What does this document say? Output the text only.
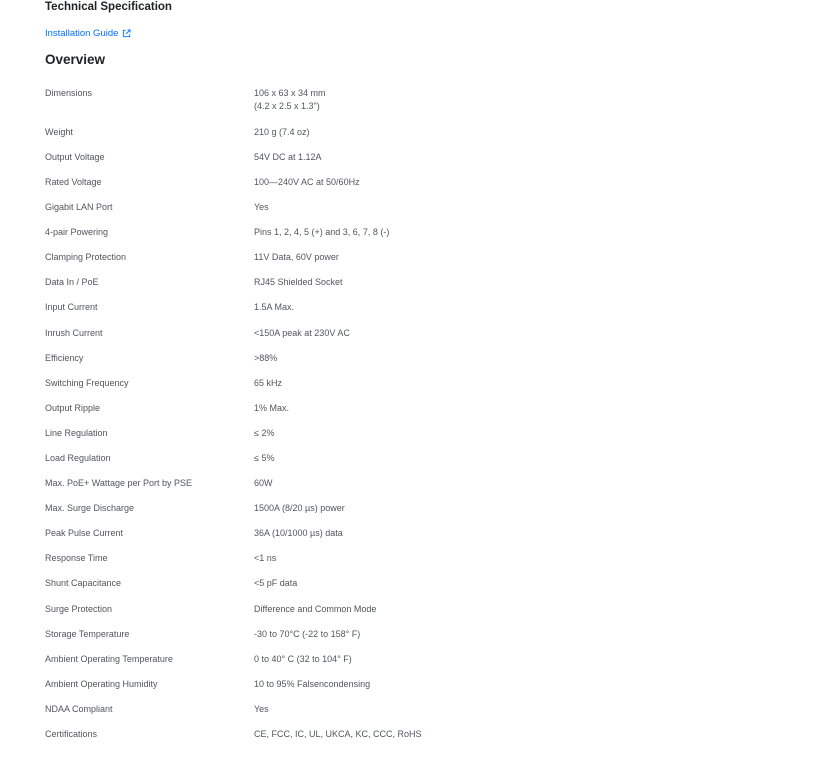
Technical Specification
Installation Guide
Overview
Dimensions	106 x 63 x 34 mm
(4.2 x 2.5 x 1.3")
Weight	210 g (7.4 oz)
Output Voltage	54V DC at 1.12A
Rated Voltage	100—240V AC at 50/60Hz
Gigabit LAN Port	Yes
4-pair Powering	Pins 1, 2, 4, 5 (+) and 3, 6, 7, 8 (-)
Clamping Protection	11V Data, 60V power
Data In / PoE	RJ45 Shielded Socket
Input Current	1.5A Max.
Inrush Current	<150A peak at 230V AC
Efficiency	>88%
Switching Frequency	65 kHz
Output Ripple	1% Max.
Line Regulation	≤ 2%
Load Regulation	≤ 5%
Max. PoE+ Wattage per Port by PSE	60W
Max. Surge Discharge	1500A (8/20 µs) power
Peak Pulse Current	36A (10/1000 µs) data
Response Time	<1 ns
Shunt Capacitance	<5 pF data
Surge Protection	Difference and Common Mode
Storage Temperature	-30 to 70°C (-22 to 158° F)
Ambient Operating Temperature	0 to 40° C (32 to 104° F)
Ambient Operating Humidity	10 to 95% Falsencondensing
NDAA Compliant	Yes
Certifications	CE, FCC, IC, UL, UKCA, KC, CCC, RoHS
